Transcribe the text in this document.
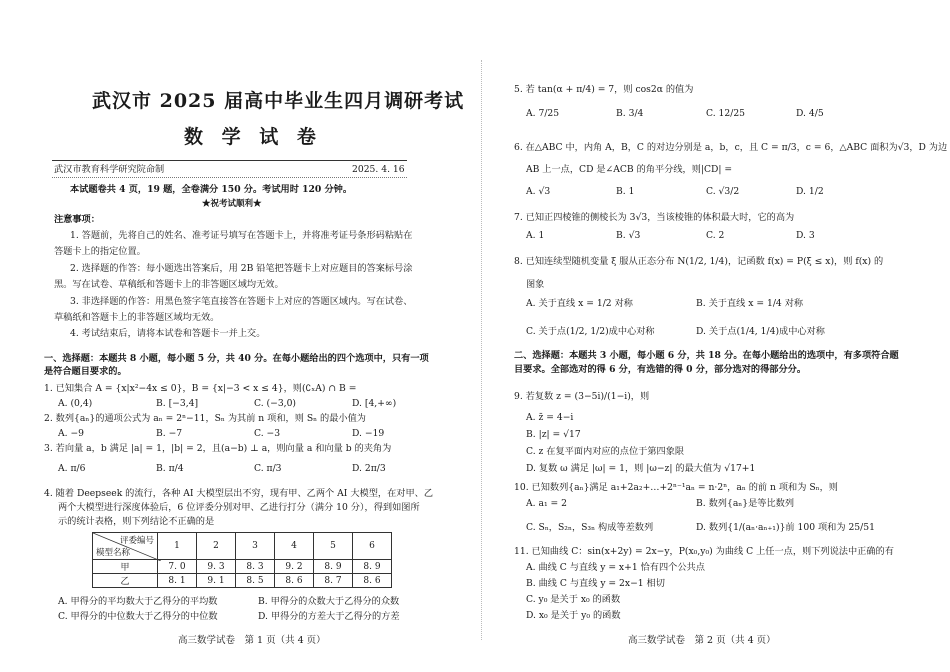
武汉市 2025 届高中毕业生四月调研考试
数 学 试 卷
武汉市教育科学研究院命制	2025. 4. 16
本试题卷共 4 页，19 题，全卷满分 150 分。考试用时 120 分钟。
★祝考试顺利★
注意事项：
1. 答题前，先将自己的姓名、准考证号填写在答题卡上，并将准考证号条形码粘贴在
答题卡上的指定位置。
2. 选择题的作答：每小题选出答案后，用 2B 铅笔把答题卡上对应题目的答案标号涂
黑。写在试卷、草稿纸和答题卡上的非答题区域均无效。
3. 非选择题的作答：用黑色签字笔直接答在答题卡上对应的答题区域内。写在试卷、
草稿纸和答题卡上的非答题区域均无效。
4. 考试结束后，请将本试卷和答题卡一并上交。
一、选择题：本题共 8 小题，每小题 5 分，共 40 分。在每小题给出的四个选项中，只有一项
是符合题目要求的。
1. 已知集合 A = {x|x²−4x ≤ 0}，B = {x|−3 < x ≤ 4}，则(∁ₓA) ∩ B =
A. (0,4)	B. [−3,4]	C. (−3,0)	D. [4,+∞)
2. 数列{aₙ}的通项公式为 aₙ = 2ⁿ−11，Sₙ 为其前 n 项和，则 Sₙ 的最小值为
A. −9	B. −7	C. −3	D. −19
3. 若向量 a，b 满足 |a| = 1，|b| = 2，且(a−b) ⊥ a，则向量 a 和向量 b 的夹角为
A. π/6	B. π/4	C. π/3	D. 2π/3
4. 随着 Deepseek 的流行，各种 AI 大模型层出不穷，现有甲、乙两个 AI 大模型，在对甲、乙
两个大模型进行深度体验后，6 位评委分别对甲、乙进行打分（满分 10 分），得到如图所
示的统计表格，则下列结论不正确的是
评委编号
模型名称	1	2	3	4	5	6
甲	7. 0	9. 3	8. 3	9. 2	8. 9	8. 9
乙	8. 1	9. 1	8. 5	8. 6	8. 7	8. 6
A. 甲得分的平均数大于乙得分的平均数	B. 甲得分的众数大于乙得分的众数
C. 甲得分的中位数大于乙得分的中位数	D. 甲得分的方差大于乙得分的方差
高三数学试卷　第 1 页（共 4 页）
5. 若 tan(α + π/4) = 7，则 cos2α 的值为
A. 7/25	B. 3/4	C. 12/25	D. 4/5
6. 在△ABC 中，内角 A，B，C 的对边分别是 a，b，c，且 C = π/3，c = 6，△ABC 面积为√3，D 为边
AB 上一点，CD 是∠ACB 的角平分线，则|CD| =
A. √3	B. 1	C. √3/2	D. 1/2
7. 已知正四棱锥的侧棱长为 3√3，当该棱锥的体积最大时，它的高为
A. 1	B. √3	C. 2	D. 3
8. 已知连续型随机变量 ξ 服从正态分布 N(1/2, 1/4)，记函数 f(x) = P(ξ ≤ x)，则 f(x) 的
图象
A. 关于直线 x = 1/2 对称	B. 关于直线 x = 1/4 对称
C. 关于点(1/2, 1/2)成中心对称	D. 关于点(1/4, 1/4)成中心对称
二、选择题：本题共 3 小题，每小题 6 分，共 18 分。在每小题给出的选项中，有多项符合题
目要求。全部选对的得 6 分，有选错的得 0 分，部分选对的得部分分。
9. 若复数 z = (3−5i)/(1−i)，则
A. z̄ = 4−i
B. |z| = √17
C. z 在复平面内对应的点位于第四象限
D. 复数 ω 满足 |ω| = 1，则 |ω−z| 的最大值为 √17+1
10. 已知数列{aₙ}满足 a₁+2a₂+…+2ⁿ⁻¹aₙ = n·2ⁿ，aₙ 的前 n 项和为 Sₙ，则
A. a₁ = 2	B. 数列{aₙ}是等比数列
C. Sₙ，S₂ₙ，S₃ₙ 构成等差数列	D. 数列{1/(aₙ·aₙ₊₁)}前 100 项和为 25/51
11. 已知曲线 C：sin(x+2y) = 2x−y，P(x₀,y₀) 为曲线 C 上任一点，则下列说法中正确的有
A. 曲线 C 与直线 y = x+1 恰有四个公共点
B. 曲线 C 与直线 y = 2x−1 相切
C. y₀ 是关于 x₀ 的函数
D. x₀ 是关于 y₀ 的函数
高三数学试卷　第 2 页（共 4 页）
